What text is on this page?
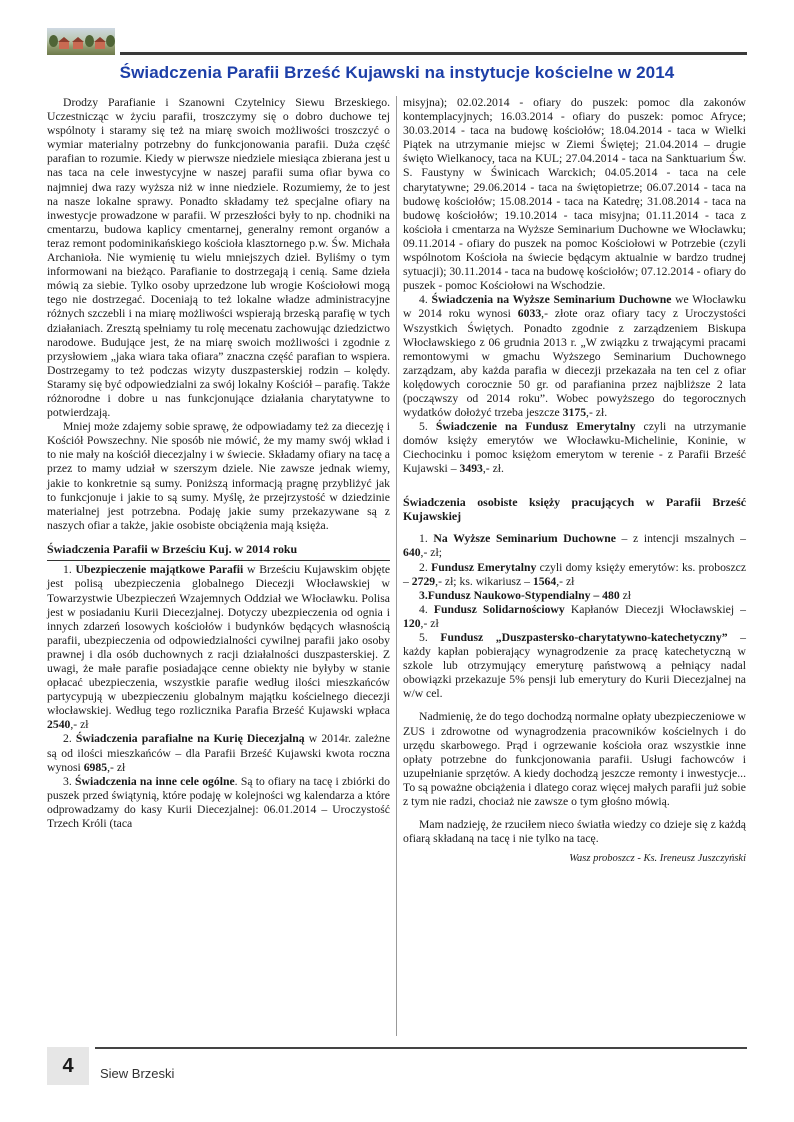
Świadczenia Parafii Brześć Kujawski na instytucje kościelne w 2014

Drodzy Parafianie i Szanowni Czytelnicy Siewu Brzeskiego. Uczestnicząc w życiu parafii, troszczymy się o dobro duchowe tej wspólnoty i staramy się też na miarę swoich możliwości troszczyć o wymiar materialny potrzebny do funkcjonowania parafii. Duża część parafian to rozumie. Kiedy w pierwsze niedziele miesiąca zbierana jest u nas taca na cele inwestycyjne w naszej parafii suma ofiar bywa co najmniej dwa razy wyższa niż w inne niedziele. Rozumiemy, że to jest na nasze lokalne sprawy. Ponadto składamy też specjalne ofiary na inwestycje prowadzone w parafii. W przeszłości były to np. chodniki na cmentarzu, budowa kaplicy cmentarnej, generalny remont organów a teraz remont podominikańskiego kościoła klasztornego p.w. Św. Michała Archanioła. Nie wymienię tu wielu mniejszych dzieł. Byliśmy o tym informowani na bieżąco. Parafianie to dostrzegają i cenią. Same dzieła mówią za siebie. Tylko osoby uprzedzone lub wrogie Kościołowi mogą tego nie dostrzegać. Doceniają to też lokalne władze administracyjne różnych szczebli i na miarę możliwości wspierają brzeską parafię w tych działaniach. Zresztą spełniamy tu rolę mecenatu zachowując dziedzictwo narodowe. Budujące jest, że na miarę swoich możliwości i zgodnie z przysłowiem „jaka wiara taka ofiara” znaczna część parafian to wspiera. Dostrzegamy to też podczas wizyty duszpasterskiej rodzin – kolędy. Staramy się być odpowiedzialni za swój lokalny Kościół – parafię. Także różnorodne i dobre u nas funkcjonujące działania charytatywne to potwierdzają.

Mniej może zdajemy sobie sprawę, że odpowiadamy też za diecezję i Kościół Powszechny. Nie sposób nie mówić, że my mamy swój wkład i to nie mały na kościół diecezjalny i w świecie. Składamy ofiary na tacę a przez to mamy udział w szerszym dziele. Nie zawsze jednak wiemy, jakie to konkretnie są sumy. Poniższą informacją pragnę przybliżyć jak to funkcjonuje i jakie to są sumy. Myślę, że przejrzystość w dziedzinie materialnej jest potrzebna. Podaję jakie sumy przekazywane są z naszych ofiar a także, jakie osobiste obciążenia mają księża.

Świadczenia Parafii w Brześciu Kuj. w 2014 roku

1. Ubezpieczenie majątkowe Parafii w Brześciu Kujawskim objęte jest polisą ubezpieczenia globalnego Diecezji Włocławskiej w Towarzystwie Ubezpieczeń Wzajemnych Oddział we Włocławku. Polisa jest w posiadaniu Kurii Diecezjalnej. Dotyczy ubezpieczenia od ognia i innych zdarzeń losowych kościołów i budynków będących własnością parafii, ubezpieczenia od odpowiedzialności cywilnej parafii jako osoby prawnej i dla osób duchownych z racji działalności duszpasterskiej. Z uwagi, że małe parafie posiadające cenne obiekty nie byłyby w stanie opłacać ubezpieczenia, wszystkie parafie według ilości mieszkańców partycypują w ubezpieczeniu globalnym majątku kościelnego diecezji włocławskiej. Według tego rozlicznika Parafia Brześć Kujawski wpłaca 2540,- zł

2. Świadczenia parafialne na Kurię Diecezjalną w 2014r. zależne są od ilości mieszkańców – dla Parafii Brześć Kujawski kwota roczna wynosi 6985,- zł

3. Świadczenia na inne cele ogólne. Są to ofiary na tacę i zbiórki do puszek przed świątynią, które podaję w kolejności wg kalendarza a które odprowadzamy do kasy Kurii Diecezjalnej: 06.01.2014 – Uroczystość Trzech Króli (taca

misyjna); 02.02.2014 - ofiary do puszek: pomoc dla zakonów kontemplacyjnych; 16.03.2014 - ofiary do puszek: pomoc Afryce; 30.03.2014 - taca na budowę kościołów; 18.04.2014 - taca w Wielki Piątek na utrzymanie miejsc w Ziemi Świętej; 21.04.2014 – drugie święto Wielkanocy, taca na KUL; 27.04.2014 - taca na Sanktuarium Św. S. Faustyny w Świnicach Warckich; 04.05.2014 - taca na cele charytatywne; 29.06.2014 - taca na świętopietrze; 06.07.2014 - taca na budowę kościołów; 15.08.2014 - taca na Katedrę; 31.08.2014 - taca na budowę kościołów; 19.10.2014 - taca misyjna; 01.11.2014 - taca z kościoła i cmentarza na Wyższe Seminarium Duchowne we Włocławku; 09.11.2014 - ofiary do puszek na pomoc Kościołowi w Potrzebie (czyli wspólnotom Kościoła na świecie będącym aktualnie w bardzo trudnej sytuacji); 30.11.2014 - taca na budowę kościołów; 07.12.2014 - ofiary do puszek - pomoc Kościołowi na Wschodzie.

4. Świadczenia na Wyższe Seminarium Duchowne we Włocławku w 2014 roku wynosi 6033,- złote oraz ofiary tacy z Uroczystości Wszystkich Świętych. Ponadto zgodnie z zarządzeniem Biskupa Włocławskiego z 06 grudnia 2013 r. „W związku z trwającymi pracami remontowymi w gmachu Wyższego Seminarium Duchownego zarządzam, aby każda parafia w diecezji przekazała na ten cel z ofiar kolędowych corocznie 50 gr. od parafianina przez najbliższe 2 lata (począwszy od 2014 roku”. Wobec powyższego do tegorocznych wydatków dołożyć trzeba jeszcze 3175,- zł.

5. Świadczenie na Fundusz Emerytalny czyli na utrzymanie domów księży emerytów we Włocławku-Michelinie, Koninie, w Ciechocinku i pomoc księżom emerytom w terenie - z Parafii Brześć Kujawski – 3493,- zł.

Świadczenia osobiste księży pracujących w Parafii Brześć Kujawskiej

1. Na Wyższe Seminarium Duchowne – z intencji mszalnych – 640,- zł;

2. Fundusz Emerytalny czyli domy księży emerytów: ks. proboszcz – 2729,- zł; ks. wikariusz – 1564,- zł

3.Fundusz Naukowo-Stypendialny – 480 zł

4. Fundusz Solidarnościowy Kapłanów Diecezji Włocławskiej – 120,- zł

5. Fundusz „Duszpastersko-charytatywno-katechetyczny” – każdy kapłan pobierający wynagrodzenie za pracę katechetyczną w szkole lub otrzymujący emeryturę państwową a pełniący nadal obowiązki przekazuje 5% pensji lub emerytury do Kurii Diecezjalnej na w/w cel.

Nadmienię, że do tego dochodzą normalne opłaty ubezpieczeniowe w ZUS i zdrowotne od wynagrodzenia pracowników kościelnych i do urzędu skarbowego. Prąd i ogrzewanie kościoła oraz wszystkie inne opłaty potrzebne do funkcjonowania parafii. Usługi fachowców i uzupełnianie sprzętów. A kiedy dochodzą jeszcze remonty i inwestycje... To są poważne obciążenia i dlatego coraz więcej małych parafii już sobie z tym nie radzi, chociaż nie zawsze o tym głośno mówią.

Mam nadzieję, że rzuciłem nieco światła wiedzy co dzieje się z każdą ofiarą składaną na tacę i nie tylko na tacę.

Wasz proboszcz - Ks. Ireneusz Juszczyński
4	Siew Brzeski
